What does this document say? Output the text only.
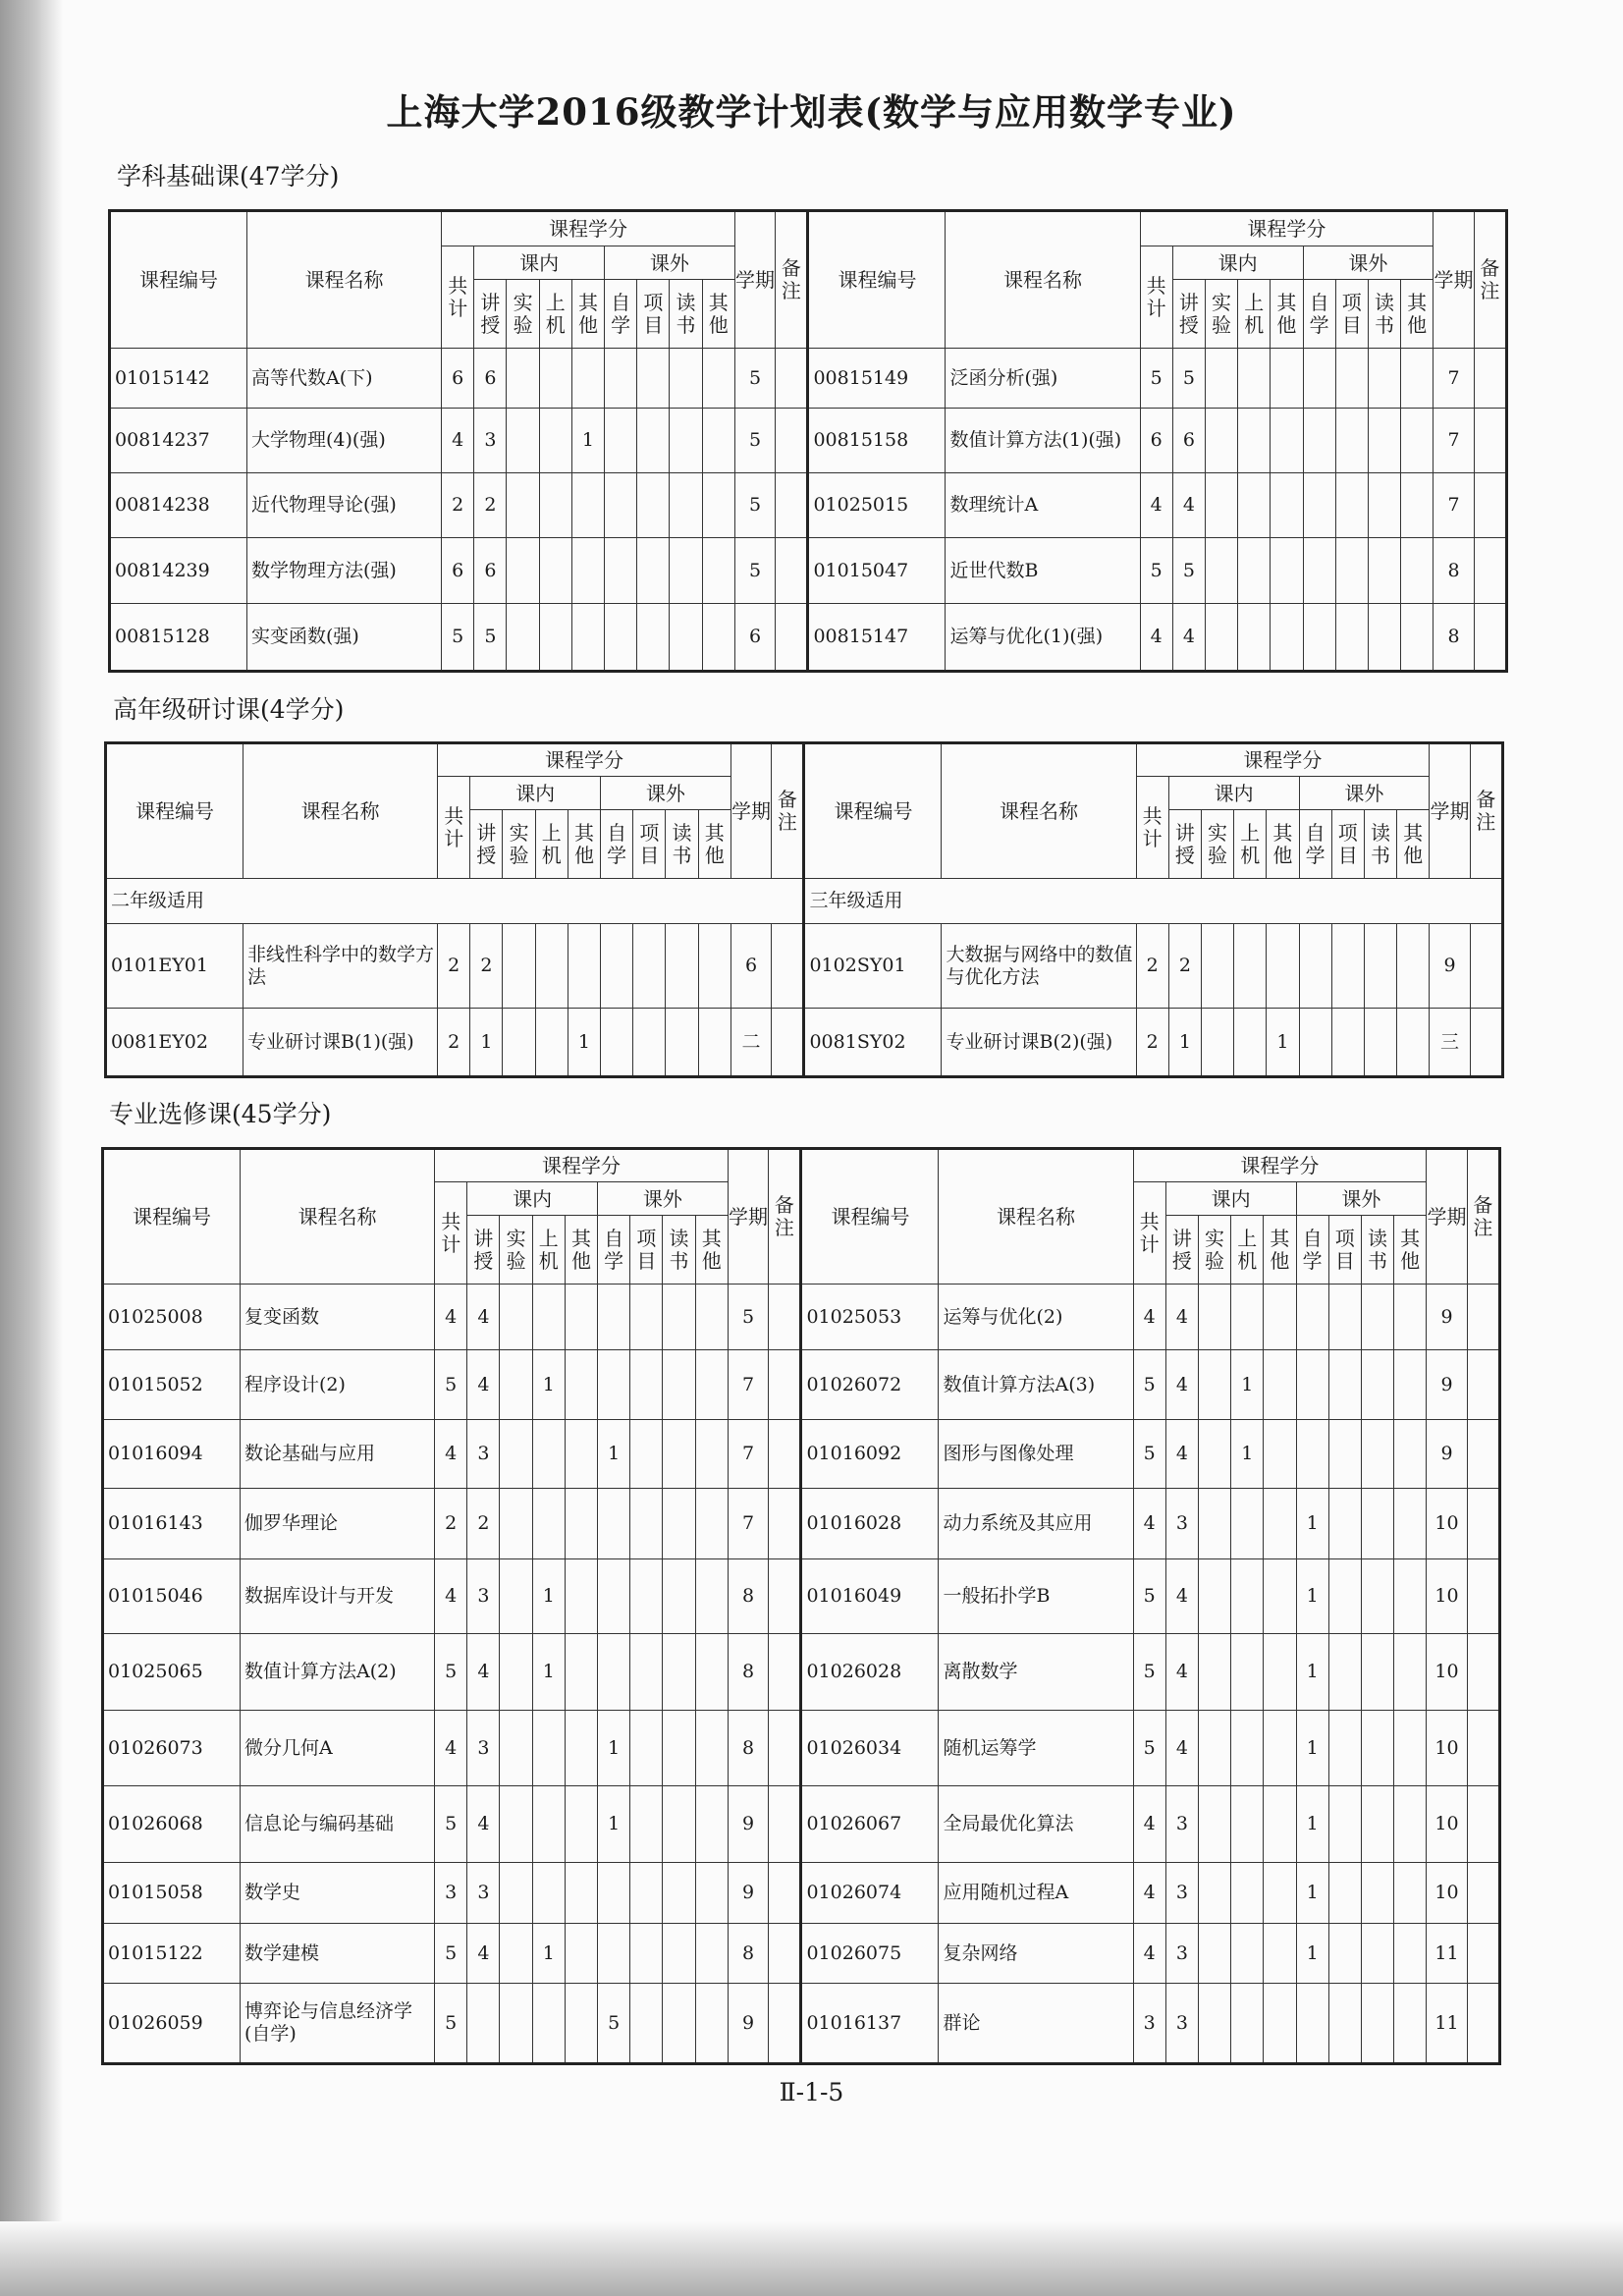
上海大学2016级教学计划表(数学与应用数学专业)
学科基础课(47学分)
课程编号	课程名称	课程学分									学期	备注	课程编号	课程名称	课程学分									学期	备注
		共计	课内				课外								共计	课内				课外					
			讲授	实验	上机	其他	自学	项目	读书	其他						讲授	实验	上机	其他	自学	项目	读书	其他		
01015142	高等代数A(下)	6	6								5		00815149	泛函分析(强)	5	5								7	
00814237	大学物理(4)(强)	4	3			1					5		00815158	数值计算方法(1)(强)	6	6								7	
00814238	近代物理导论(强)	2	2								5		01025015	数理统计A	4	4								7	
00814239	数学物理方法(强)	6	6								5		01015047	近世代数B	5	5								8	
00815128	实变函数(强)	5	5								6		00815147	运筹与优化(1)(强)	4	4								8	
高年级研讨课(4学分)
课程编号	课程名称	课程学分									学期	备注	课程编号	课程名称	课程学分									学期	备注
		共计	课内				课外								共计	课内				课外					
			讲授	实验	上机	其他	自学	项目	读书	其他						讲授	实验	上机	其他	自学	项目	读书	其他		
二年级适用													三年级适用												
0101EY01	非线性科学中的数学方法	2	2								6		0102SY01	大数据与网络中的数值与优化方法	2	2								9	
0081EY02	专业研讨课B(1)(强)	2	1			1					二		0081SY02	专业研讨课B(2)(强)	2	1			1					三	
专业选修课(45学分)
课程编号	课程名称	课程学分									学期	备注	课程编号	课程名称	课程学分									学期	备注
		共计	课内				课外								共计	课内				课外					
			讲授	实验	上机	其他	自学	项目	读书	其他						讲授	实验	上机	其他	自学	项目	读书	其他		
01025008	复变函数	4	4								5		01025053	运筹与优化(2)	4	4								9	
01015052	程序设计(2)	5	4		1						7		01026072	数值计算方法A(3)	5	4		1						9	
01016094	数论基础与应用	4	3				1				7		01016092	图形与图像处理	5	4		1						9	
01016143	伽罗华理论	2	2								7		01016028	动力系统及其应用	4	3				1				10	
01015046	数据库设计与开发	4	3		1						8		01016049	一般拓扑学B	5	4				1				10	
01025065	数值计算方法A(2)	5	4		1						8		01026028	离散数学	5	4				1				10	
01026073	微分几何A	4	3				1				8		01026034	随机运筹学	5	4				1				10	
01026068	信息论与编码基础	5	4				1				9		01026067	全局最优化算法	4	3				1				10	
01015058	数学史	3	3								9		01026074	应用随机过程A	4	3				1				10	
01015122	数学建模	5	4		1						8		01026075	复杂网络	4	3				1				11	
01026059	博弈论与信息经济学(自学)	5					5				9		01016137	群论	3	3								11	
Ⅱ-1-5
